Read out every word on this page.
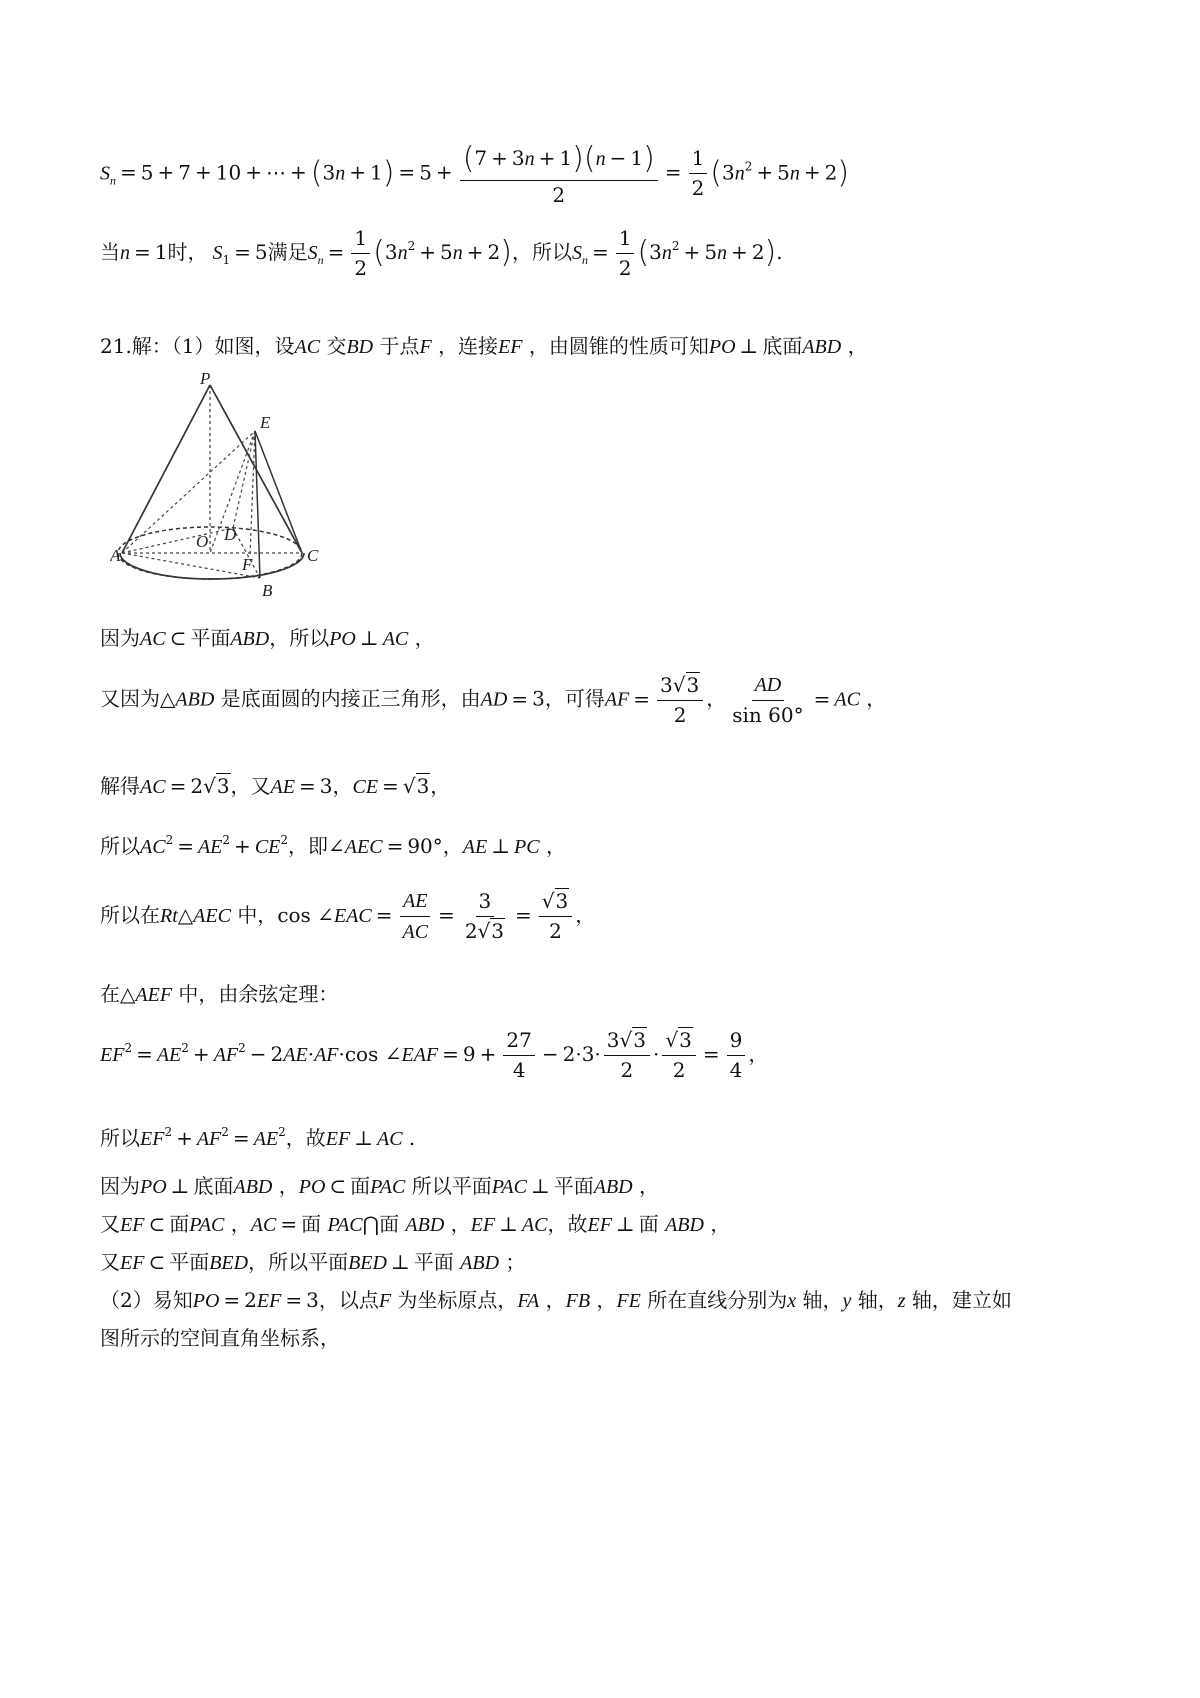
$S_n = 5 + 7 + 10$ + ⋯ + $(3n + 1) = 5 + \frac{(7 + 3n + 1)(n - 1)}{2} = \frac{1}{2} (3n^2 + 5n + 2)$
当n = 1时， $S_1 = 5$满足$S_n = \frac{1}{2} (3n^2 + 5n + 2)$，所以$S_n = \frac{1}{2} (3n^2 + 5n + 2)$.
21.解：（1）如图，设AC 交BD 于点F ，连接EF ，由圆锥的性质可知PO ⊥ 底面ABD ，
P
E
A
O D
C
F
B
因为AC ⊂ 平面ABD，所以PO ⊥ AC ，
又因为△ABD 是底面圆的内接正三角形，由AD = 3，可得AF = $\frac{3√3}{2}$ ， $\frac{AD}{\sin 60^\circ}$ = AC ，
解得AC = 2√3，又AE = 3，CE = √3，
所以$AC^2 = AE^2 + CE^2$，即∠AEC = 90°，AE ⊥ PC ，
所以在Rt△AEC 中，cos ∠EAC = $\frac{AE}{AC} = \frac{3}{2√3} = \frac{√3}{2}$ ，
在△AEF 中，由余弦定理：
$EF^2 = AE^2 + AF^2 - 2AE\cdot AF\cdot\cos$ ∠EAF = $9 + \frac{27}{4} - 2\cdot 3\cdot \frac{3√3}{2} \cdot \frac{√3}{2} = \frac{9}{4}$ ，
所以$EF^2 + AF^2 = AE^2$，故EF ⊥ AC .
因为PO ⊥ 底面ABD ，PO ⊂ 面PAC 所以平面PAC ⊥ 平面ABD ，
又EF ⊂ 面PAC ，AC = 面 PAC⋂面 ABD ，EF ⊥ AC，故EF ⊥ 面 ABD ，
又EF ⊂ 平面BED，所以平面BED ⊥ 平面 ABD ；
（2）易知PO = 2EF = 3，以点F 为坐标原点，FA ，FB ，FE 所在直线分别为x 轴，y 轴，z 轴，建立如
图所示的空间直角坐标系，
